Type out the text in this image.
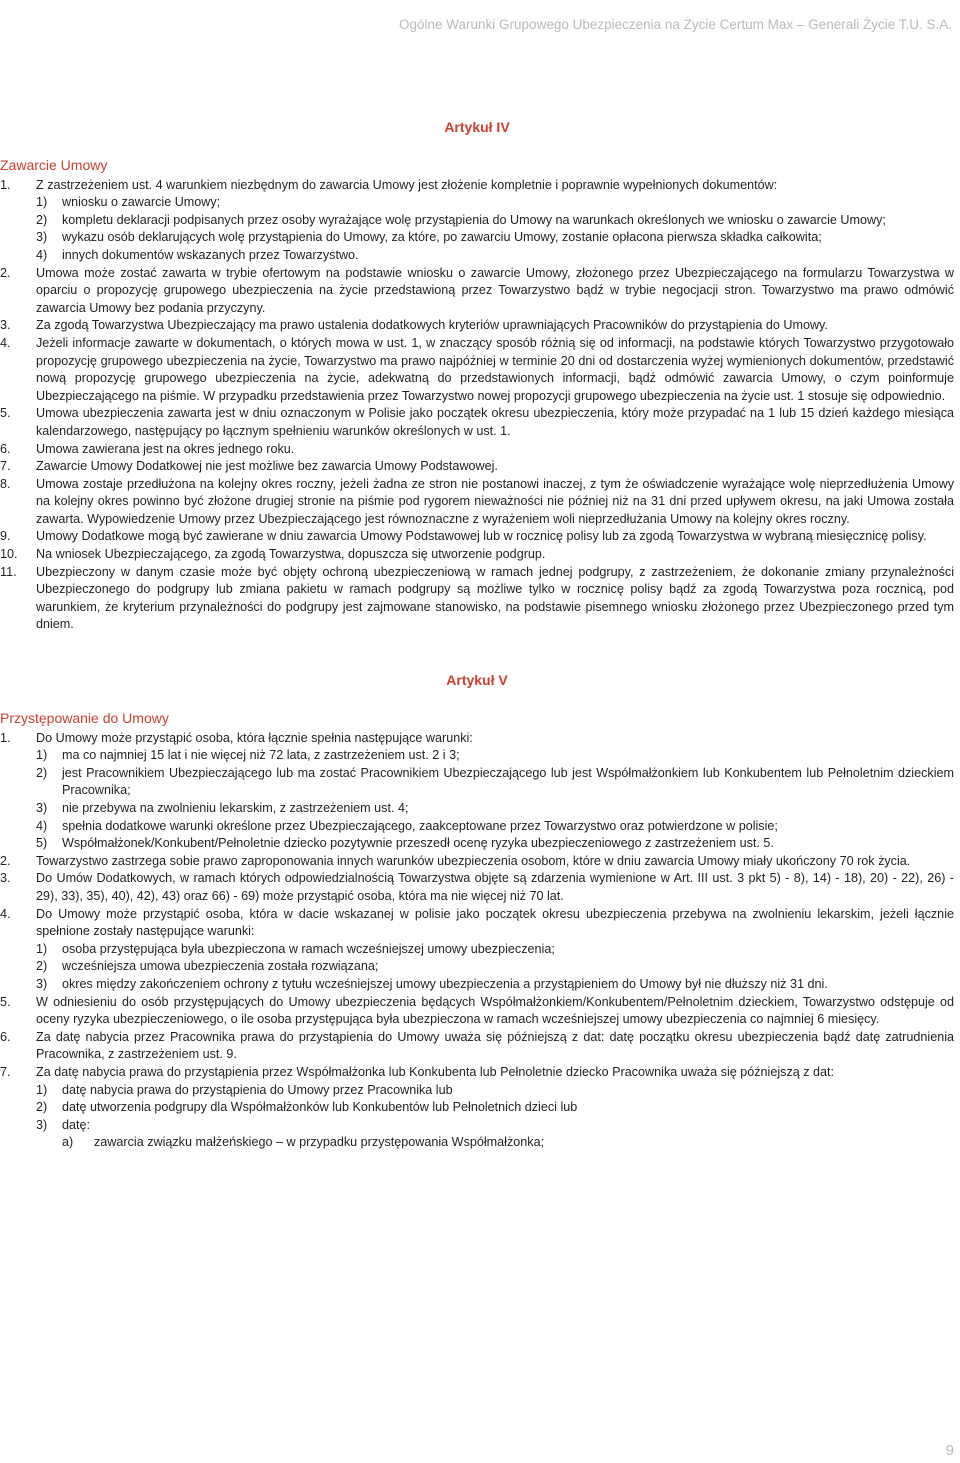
Ogólne Warunki Grupowego Ubezpieczenia na Życie Certum Max – Generali Życie T.U. S.A.
Artykuł IV
Zawarcie Umowy
1.	Z zastrzeżeniem ust. 4 warunkiem niezbędnym do zawarcia Umowy jest złożenie kompletnie i poprawnie wypełnionych dokumentów:
1)	wniosku o zawarcie Umowy;
2)	kompletu deklaracji podpisanych przez osoby wyrażające wolę przystąpienia do Umowy na warunkach określonych we wniosku o zawarcie Umowy;
3)	wykazu osób deklarujących wolę przystąpienia do Umowy, za które, po zawarciu Umowy, zostanie opłacona pierwsza składka całkowita;
4)	innych dokumentów wskazanych przez Towarzystwo.
2.	Umowa może zostać zawarta w trybie ofertowym na podstawie wniosku o zawarcie Umowy, złożonego przez Ubezpieczającego na formularzu Towarzystwa w oparciu o propozycję grupowego ubezpieczenia na życie przedstawioną przez Towarzystwo bądź w trybie negocjacji stron. Towarzystwo ma prawo odmówić zawarcia Umowy bez podania przyczyny.
3.	Za zgodą Towarzystwa Ubezpieczający ma prawo ustalenia dodatkowych kryteriów uprawniających Pracowników do przystąpienia do Umowy.
4.	Jeżeli informacje zawarte w dokumentach, o których mowa w ust. 1, w znaczący sposób różnią się od informacji, na podstawie których Towarzystwo przygotowało propozycję grupowego ubezpieczenia na życie, Towarzystwo ma prawo najpóźniej w terminie 20 dni od dostarczenia wyżej wymienionych dokumentów, przedstawić nową propozycję grupowego ubezpieczenia na życie, adekwatną do przedstawionych informacji, bądź odmówić zawarcia Umowy, o czym poinformuje Ubezpieczającego na piśmie. W przypadku przedstawienia przez Towarzystwo nowej propozycji grupowego ubezpieczenia na życie ust. 1 stosuje się odpowiednio.
5.	Umowa ubezpieczenia zawarta jest w dniu oznaczonym w Polisie jako początek okresu ubezpieczenia, który może przypadać na 1 lub 15 dzień każdego miesiąca kalendarzowego, następujący po łącznym spełnieniu warunków określonych w ust. 1.
6.	Umowa zawierana jest na okres jednego roku.
7.	Zawarcie Umowy Dodatkowej nie jest możliwe bez zawarcia Umowy Podstawowej.
8.	Umowa zostaje przedłużona na kolejny okres roczny, jeżeli żadna ze stron nie postanowi inaczej, z tym że oświadczenie wyrażające wolę nieprzedłużenia Umowy na kolejny okres powinno być złożone drugiej stronie na piśmie pod rygorem nieważności nie później niż na 31 dni przed upływem okresu, na jaki Umowa została zawarta. Wypowiedzenie Umowy przez Ubezpieczającego jest równoznaczne z wyrażeniem woli nieprzedłużania Umowy na kolejny okres roczny.
9.	Umowy Dodatkowe mogą być zawierane w dniu zawarcia Umowy Podstawowej lub w rocznicę polisy lub za zgodą Towarzystwa w wybraną miesięcznicę polisy.
10.	Na wniosek Ubezpieczającego, za zgodą Towarzystwa, dopuszcza się utworzenie podgrup.
11.	Ubezpieczony w danym czasie może być objęty ochroną ubezpieczeniową w ramach jednej podgrupy, z zastrzeżeniem, że dokonanie zmiany przynależności Ubezpieczonego do podgrupy lub zmiana pakietu w ramach podgrupy są możliwe tylko w rocznicę polisy bądź za zgodą Towarzystwa poza rocznicą, pod warunkiem, że kryterium przynależności do podgrupy jest zajmowane stanowisko, na podstawie pisemnego wniosku złożonego przez Ubezpieczonego przed tym dniem.
Artykuł V
Przystępowanie do Umowy
1.	Do Umowy może przystąpić osoba, która łącznie spełnia następujące warunki:
1)	ma co najmniej 15 lat i nie więcej niż 72 lata, z zastrzeżeniem ust. 2 i 3;
2)	jest Pracownikiem Ubezpieczającego lub ma zostać Pracownikiem Ubezpieczającego lub jest Współmałżonkiem lub Konkubentem lub Pełnoletnim dzieckiem Pracownika;
3)	nie przebywa na zwolnieniu lekarskim, z zastrzeżeniem ust. 4;
4)	spełnia dodatkowe warunki określone przez Ubezpieczającego, zaakceptowane przez Towarzystwo oraz potwierdzone w polisie;
5)	Współmałżonek/Konkubent/Pełnoletnie dziecko pozytywnie przeszedł ocenę ryzyka ubezpieczeniowego z zastrzeżeniem ust. 5.
2.	Towarzystwo zastrzega sobie prawo zaproponowania innych warunków ubezpieczenia osobom, które w dniu zawarcia Umowy miały ukończony 70 rok życia.
3.	Do Umów Dodatkowych, w ramach których odpowiedzialnością Towarzystwa objęte są zdarzenia wymienione w Art. III ust. 3 pkt 5) - 8), 14) - 18), 20) - 22), 26) - 29), 33), 35), 40), 42), 43) oraz 66) - 69) może przystąpić osoba, która ma nie więcej niż 70 lat.
4.	Do Umowy może przystąpić osoba, która w dacie wskazanej w polisie jako początek okresu ubezpieczenia przebywa na zwolnieniu lekarskim, jeżeli łącznie spełnione zostały następujące warunki:
1)	osoba przystępująca była ubezpieczona w ramach wcześniejszej umowy ubezpieczenia;
2)	wcześniejsza umowa ubezpieczenia została rozwiązana;
3)	okres między zakończeniem ochrony z tytułu wcześniejszej umowy ubezpieczenia a przystąpieniem do Umowy był nie dłuższy niż 31 dni.
5.	W odniesieniu do osób przystępujących do Umowy ubezpieczenia będących Współmałżonkiem/Konkubentem/Pełnoletnim dzieckiem, Towarzystwo odstępuje od oceny ryzyka ubezpieczeniowego, o ile osoba przystępująca była ubezpieczona w ramach wcześniejszej umowy ubezpieczenia co najmniej 6 miesięcy.
6.	Za datę nabycia przez Pracownika prawa do przystąpienia do Umowy uważa się późniejszą z dat: datę początku okresu ubezpieczenia bądź datę zatrudnienia Pracownika, z zastrzeżeniem ust. 9.
7.	Za datę nabycia prawa do przystąpienia przez Współmałżonka lub Konkubenta lub Pełnoletnie dziecko Pracownika uważa się późniejszą z dat:
1)	datę nabycia prawa do przystąpienia do Umowy przez Pracownika lub
2)	datę utworzenia podgrupy dla Współmałżonków lub Konkubentów lub Pełnoletnich dzieci lub
3)	datę:
a)	zawarcia związku małżeńskiego – w przypadku przystępowania Współmałżonka;
9
